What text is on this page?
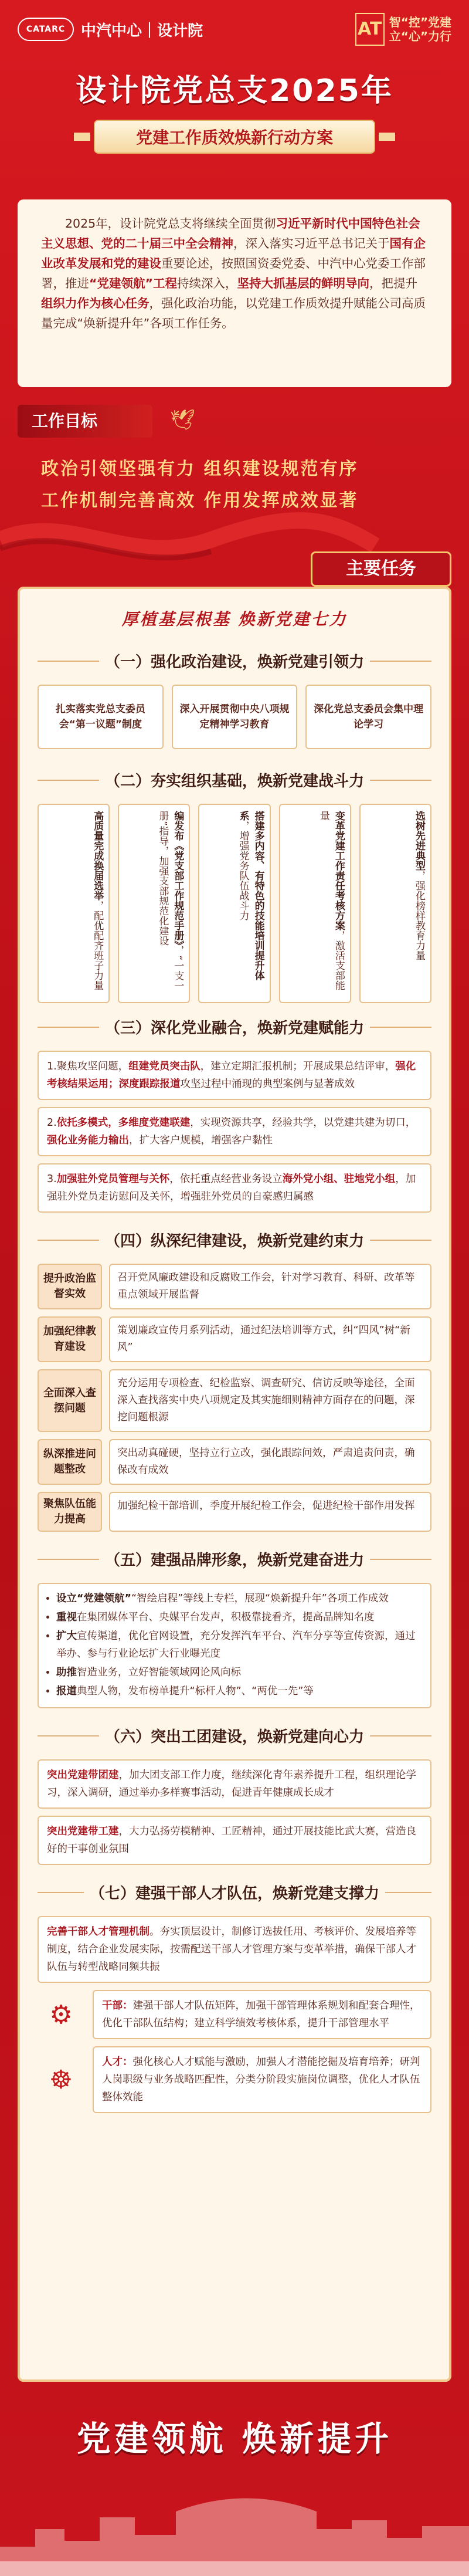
CATARC	中汽中心｜设计院	AT 智“控”党建
立“心”力行
设计院党总支2025年
党建工作质效焕新行动方案

2025年，设计院党总支将继续全面贯彻习近平新时代中国特色社会主义思想、党的二十届三中全会精神，深入落实习近平总书记关于国有企业改革发展和党的建设重要论述，按照国资委党委、中汽中心党委工作部署，推进“党建领航”工程持续深入，坚持大抓基层的鲜明导向，把提升组织力作为核心任务，强化政治功能，以党建工作质效提升赋能公司高质量完成“焕新提升年”各项工作任务。

工作目标	🕊
政治引领坚强有力 组织建设规范有序
工作机制完善高效 作用发挥成效显著
厚植基层根基 焕新党建七力
（一）强化政治建设，焕新党建引领力
扎实落实党总支委员会“第一议题”制度
深入开展贯彻中央八项规定精神学习教育
深化党总支委员会集中理论学习
（二）夯实组织基础，焕新党建战斗力
高质量完成换届选举，配优配齐班子力量	编发布《党支部工作规范手册》，“一支一册”指导，加强支部规范化建设	搭建多内容、有特色的技能培训提升体系，增强党务队伍战斗力	变革党建工作责任考核方案，激活支部能量	选树先进典型，强化榜样教育力量
（三）深化党业融合，焕新党建赋能力
1.聚焦攻坚问题，组建党员突击队，建立定期汇报机制；开展成果总结评审，强化考核结果运用；深度跟踪报道攻坚过程中涌现的典型案例与显著成效
2.依托多模式，多维度党建联建，实现资源共享，经验共学，以党建共建为切口，强化业务能力输出，扩大客户规模，增强客户黏性
3.加强驻外党员管理与关怀，依托重点经营业务设立海外党小组、驻地党小组，加强驻外党员走访慰问及关怀，增强驻外党员的自豪感归属感
（四）纵深纪律建设，焕新党建约束力
提升政治监督实效
召开党风廉政建设和反腐败工作会，针对学习教育、科研、改革等重点领域开展监督
加强纪律教育建设
策划廉政宣传月系列活动，通过纪法培训等方式，纠“四风”树“新风”
全面深入查摆问题
充分运用专项检查、纪检监察、调查研究、信访反映等途径，全面深入查找落实中央八项规定及其实施细则精神方面存在的问题，深挖问题根源
纵深推进问题整改
突出动真碰硬，坚持立行立改，强化跟踪问效，严肃追责问责，确保改有成效
聚焦队伍能力提高
加强纪检干部培训，季度开展纪检工作会，促进纪检干部作用发挥
（五）建强品牌形象，焕新党建奋进力
• 设立“党建领航”“智绘启程”等线上专栏，展现“焕新提升年”各项工作成效
• 重视在集团媒体平台、央媒平台发声，积极靠拢看齐，提高品牌知名度
• 扩大宣传渠道，优化官网设置，充分发挥汽车平台、汽车分享等宣传资源，通过举办、参与行业论坛扩大行业曝光度
• 助推智造业务，立好智能领域网论风向标
• 报道典型人物，发布榜单提升“标杆人物”、“两优一先”等
（六）突出工团建设，焕新党建向心力
突出党建带团建，加大团支部工作力度，继续深化青年素养提升工程，组织理论学习，深入调研，通过举办多样赛事活动，促进青年健康成长成才
突出党建带工建，大力弘扬劳模精神、工匠精神，通过开展技能比武大赛，营造良好的干事创业氛围
（七）建强干部人才队伍，焕新党建支撑力
完善干部人才管理机制。夯实顶层设计，制修订选拔任用、考核评价、发展培养等制度，结合企业发展实际，按需配送干部人才管理方案与变革举措，确保干部人才队伍与转型战略同频共振
⚙	干部：建强干部人才队伍矩阵，加强干部管理体系规划和配套合理性，优化干部队伍结构；建立科学绩效考核体系，提升干部管理水平
☸
人才：强化核心人才赋能与激励，加强人才潜能挖掘及培育培养；研判人岗职级与业务战略匹配性，分类分阶段实施岗位调整，优化人才队伍整体效能
主要任务
党建领航 焕新提升
